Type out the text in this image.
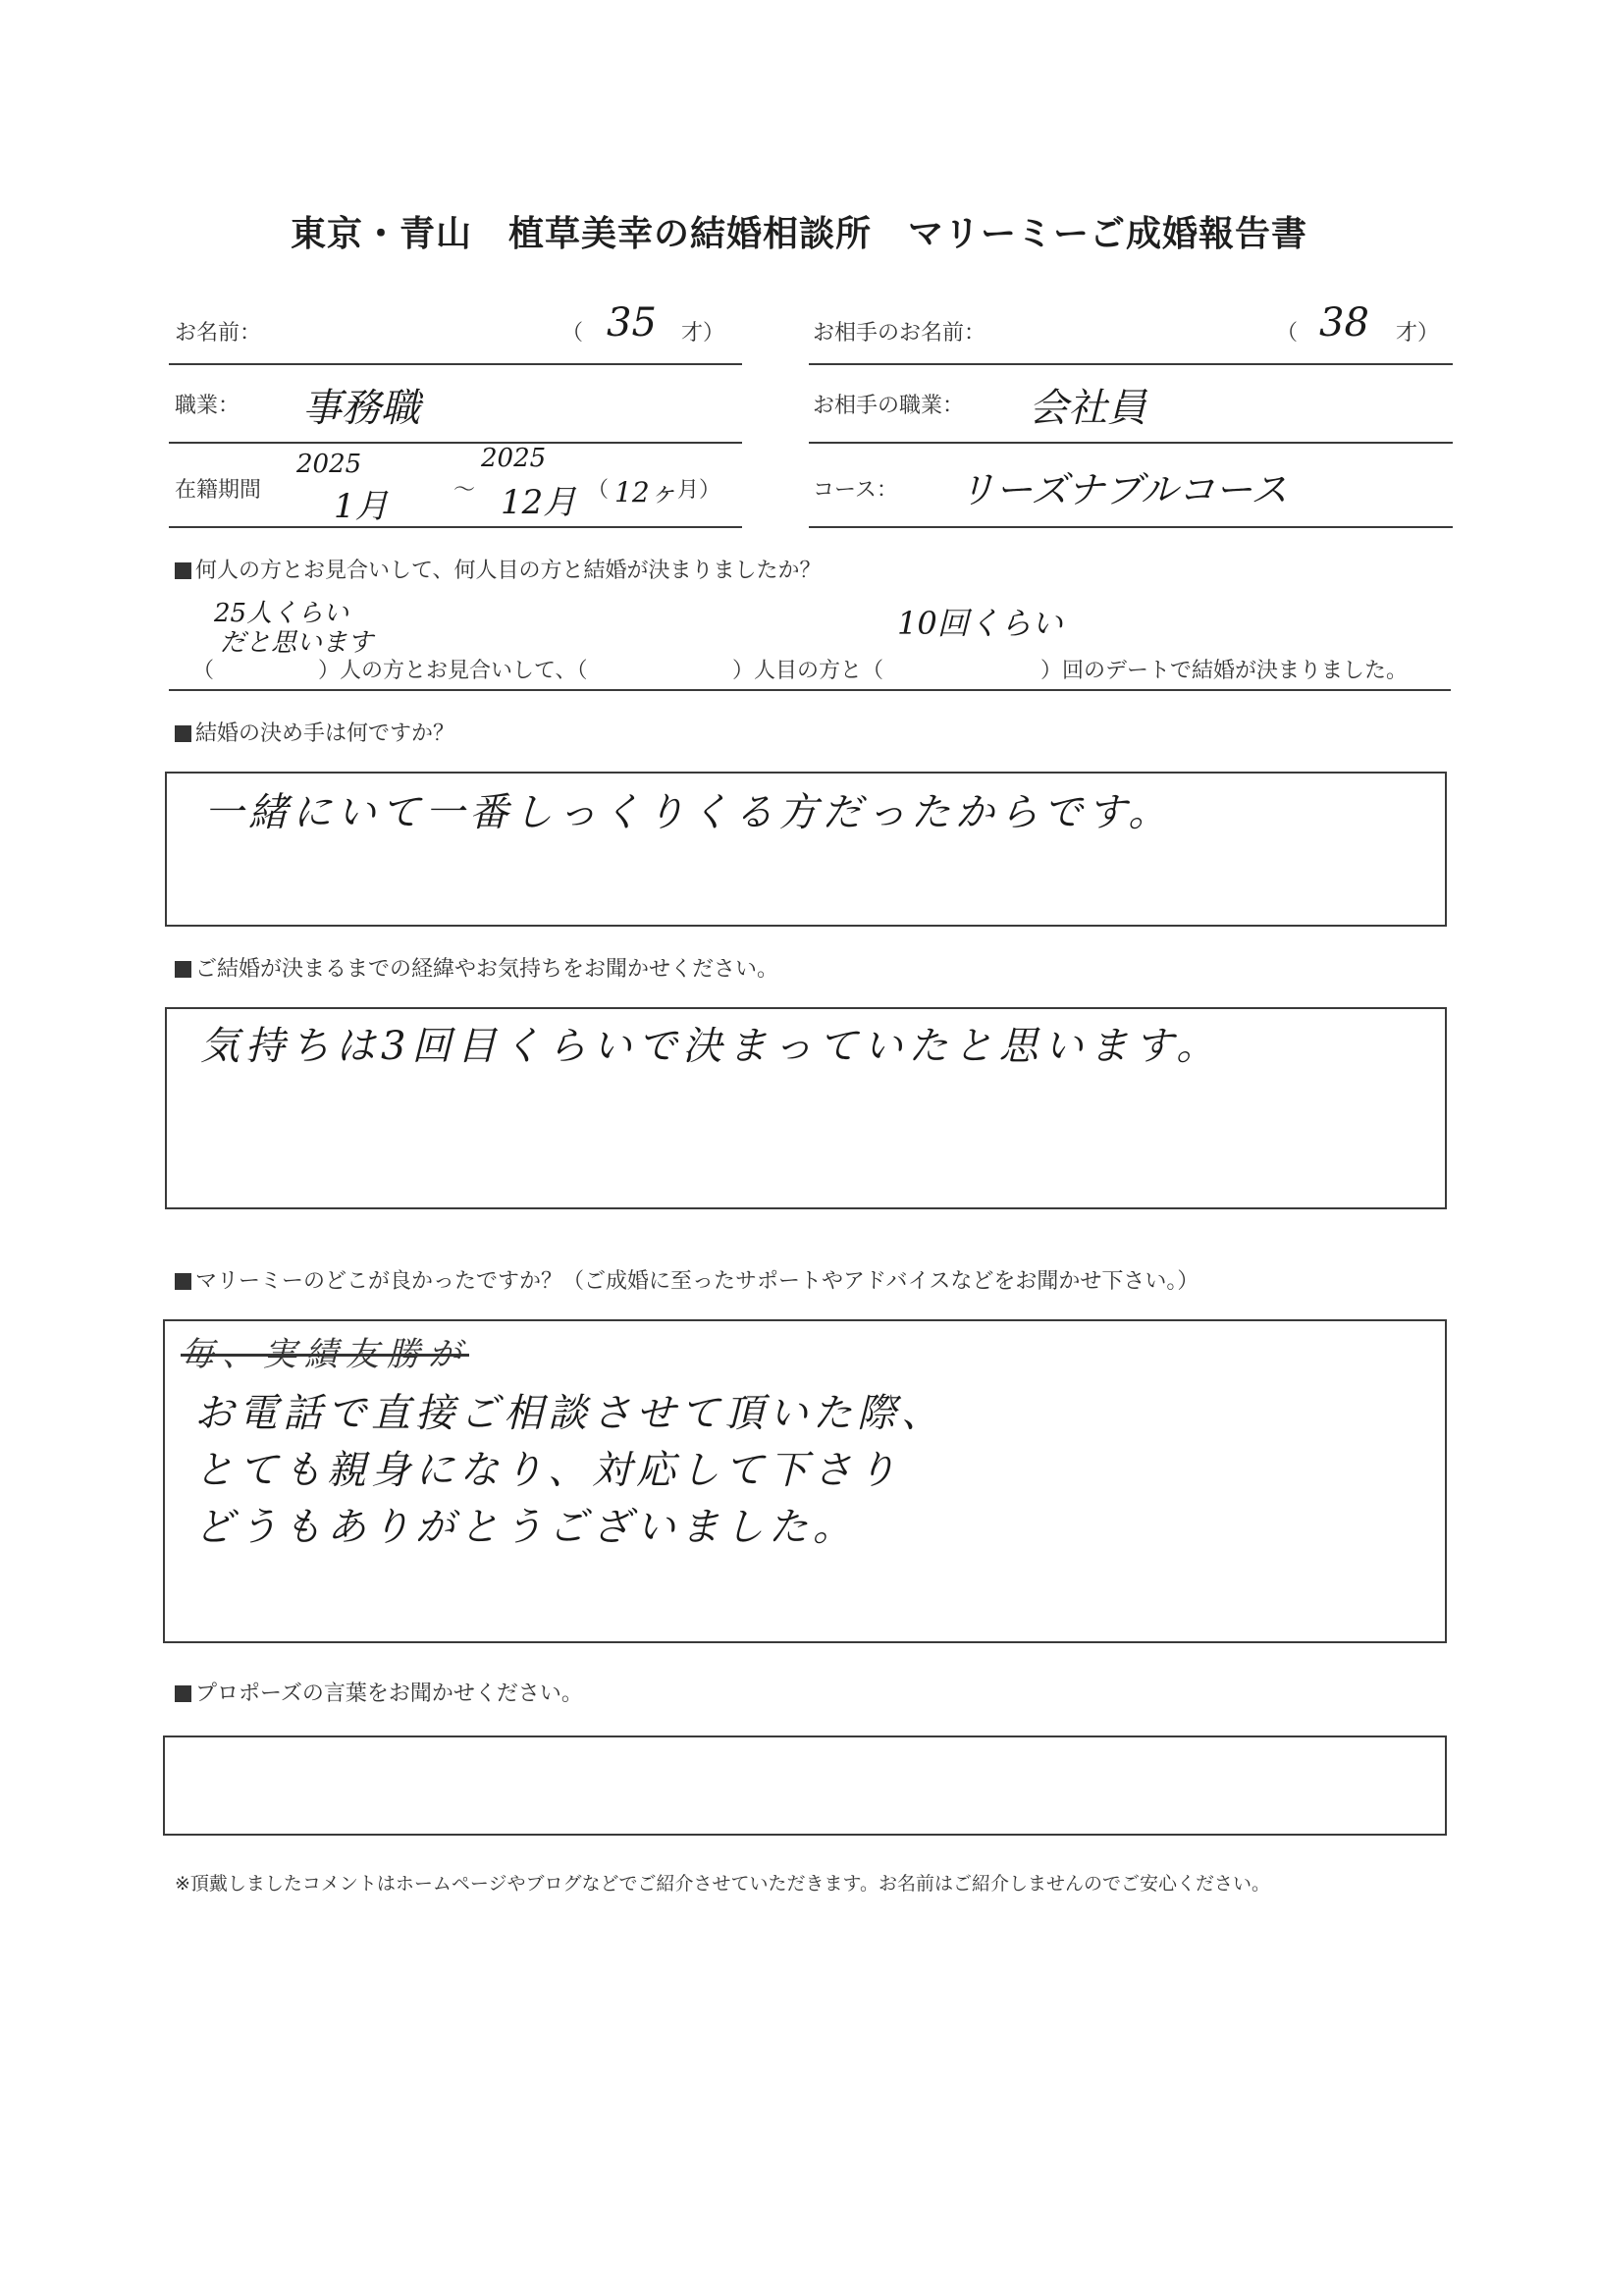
東京・青山　植草美幸の結婚相談所　マリーミーご成婚報告書
お名前：	（ 35 才）	お相手のお名前：	（ 38 才）
職業： 事務職	お相手の職業： 会社員
在籍期間
2025
1月	～
2025
12月 （ 12ヶ 月）	コース： リーズナブルコース
何人の方とお見合いして、何人目の方と結婚が決まりましたか？
25人くらい
だと思います
10回くらい
（	）人の方とお見合いして、（	）人目の方と（	）回のデートで結婚が決まりました。
結婚の決め手は何ですか？
一緒にいて一番しっくりくる方だったからです。
ご結婚が決まるまでの経緯やお気持ちをお聞かせください。
気持ちは3回目くらいで決まっていたと思います。
マリーミーのどこが良かったですか？（ご成婚に至ったサポートやアドバイスなどをお聞かせ下さい。）
毎、実績友勝が
お電話で直接ご相談させて頂いた際、
とても親身になり、対応して下さり
どうもありがとうございました。
プロポーズの言葉をお聞かせください。
※頂戴しましたコメントはホームページやブログなどでご紹介させていただきます。お名前はご紹介しませんのでご安心ください。
